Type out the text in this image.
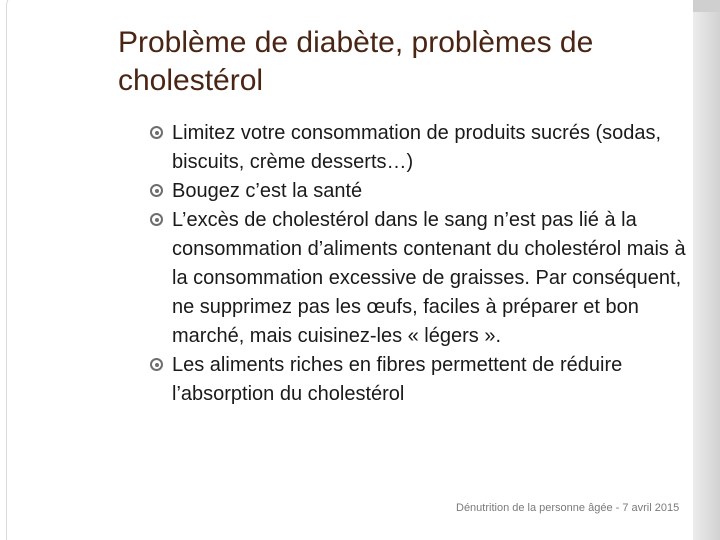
Problème de diabète, problèmes de cholestérol
Limitez votre consommation de produits sucrés (sodas, biscuits, crème desserts…)
Bougez c’est la santé
L’excès de cholestérol dans le sang n’est pas lié à la consommation d’aliments contenant du cholestérol mais à la consommation excessive de graisses. Par conséquent, ne supprimez pas les œufs, faciles à préparer et bon marché, mais cuisinez-les « légers ».
Les aliments riches en fibres permettent de réduire l’absorption du cholestérol
Dénutrition de la personne âgée - 7 avril 2015
